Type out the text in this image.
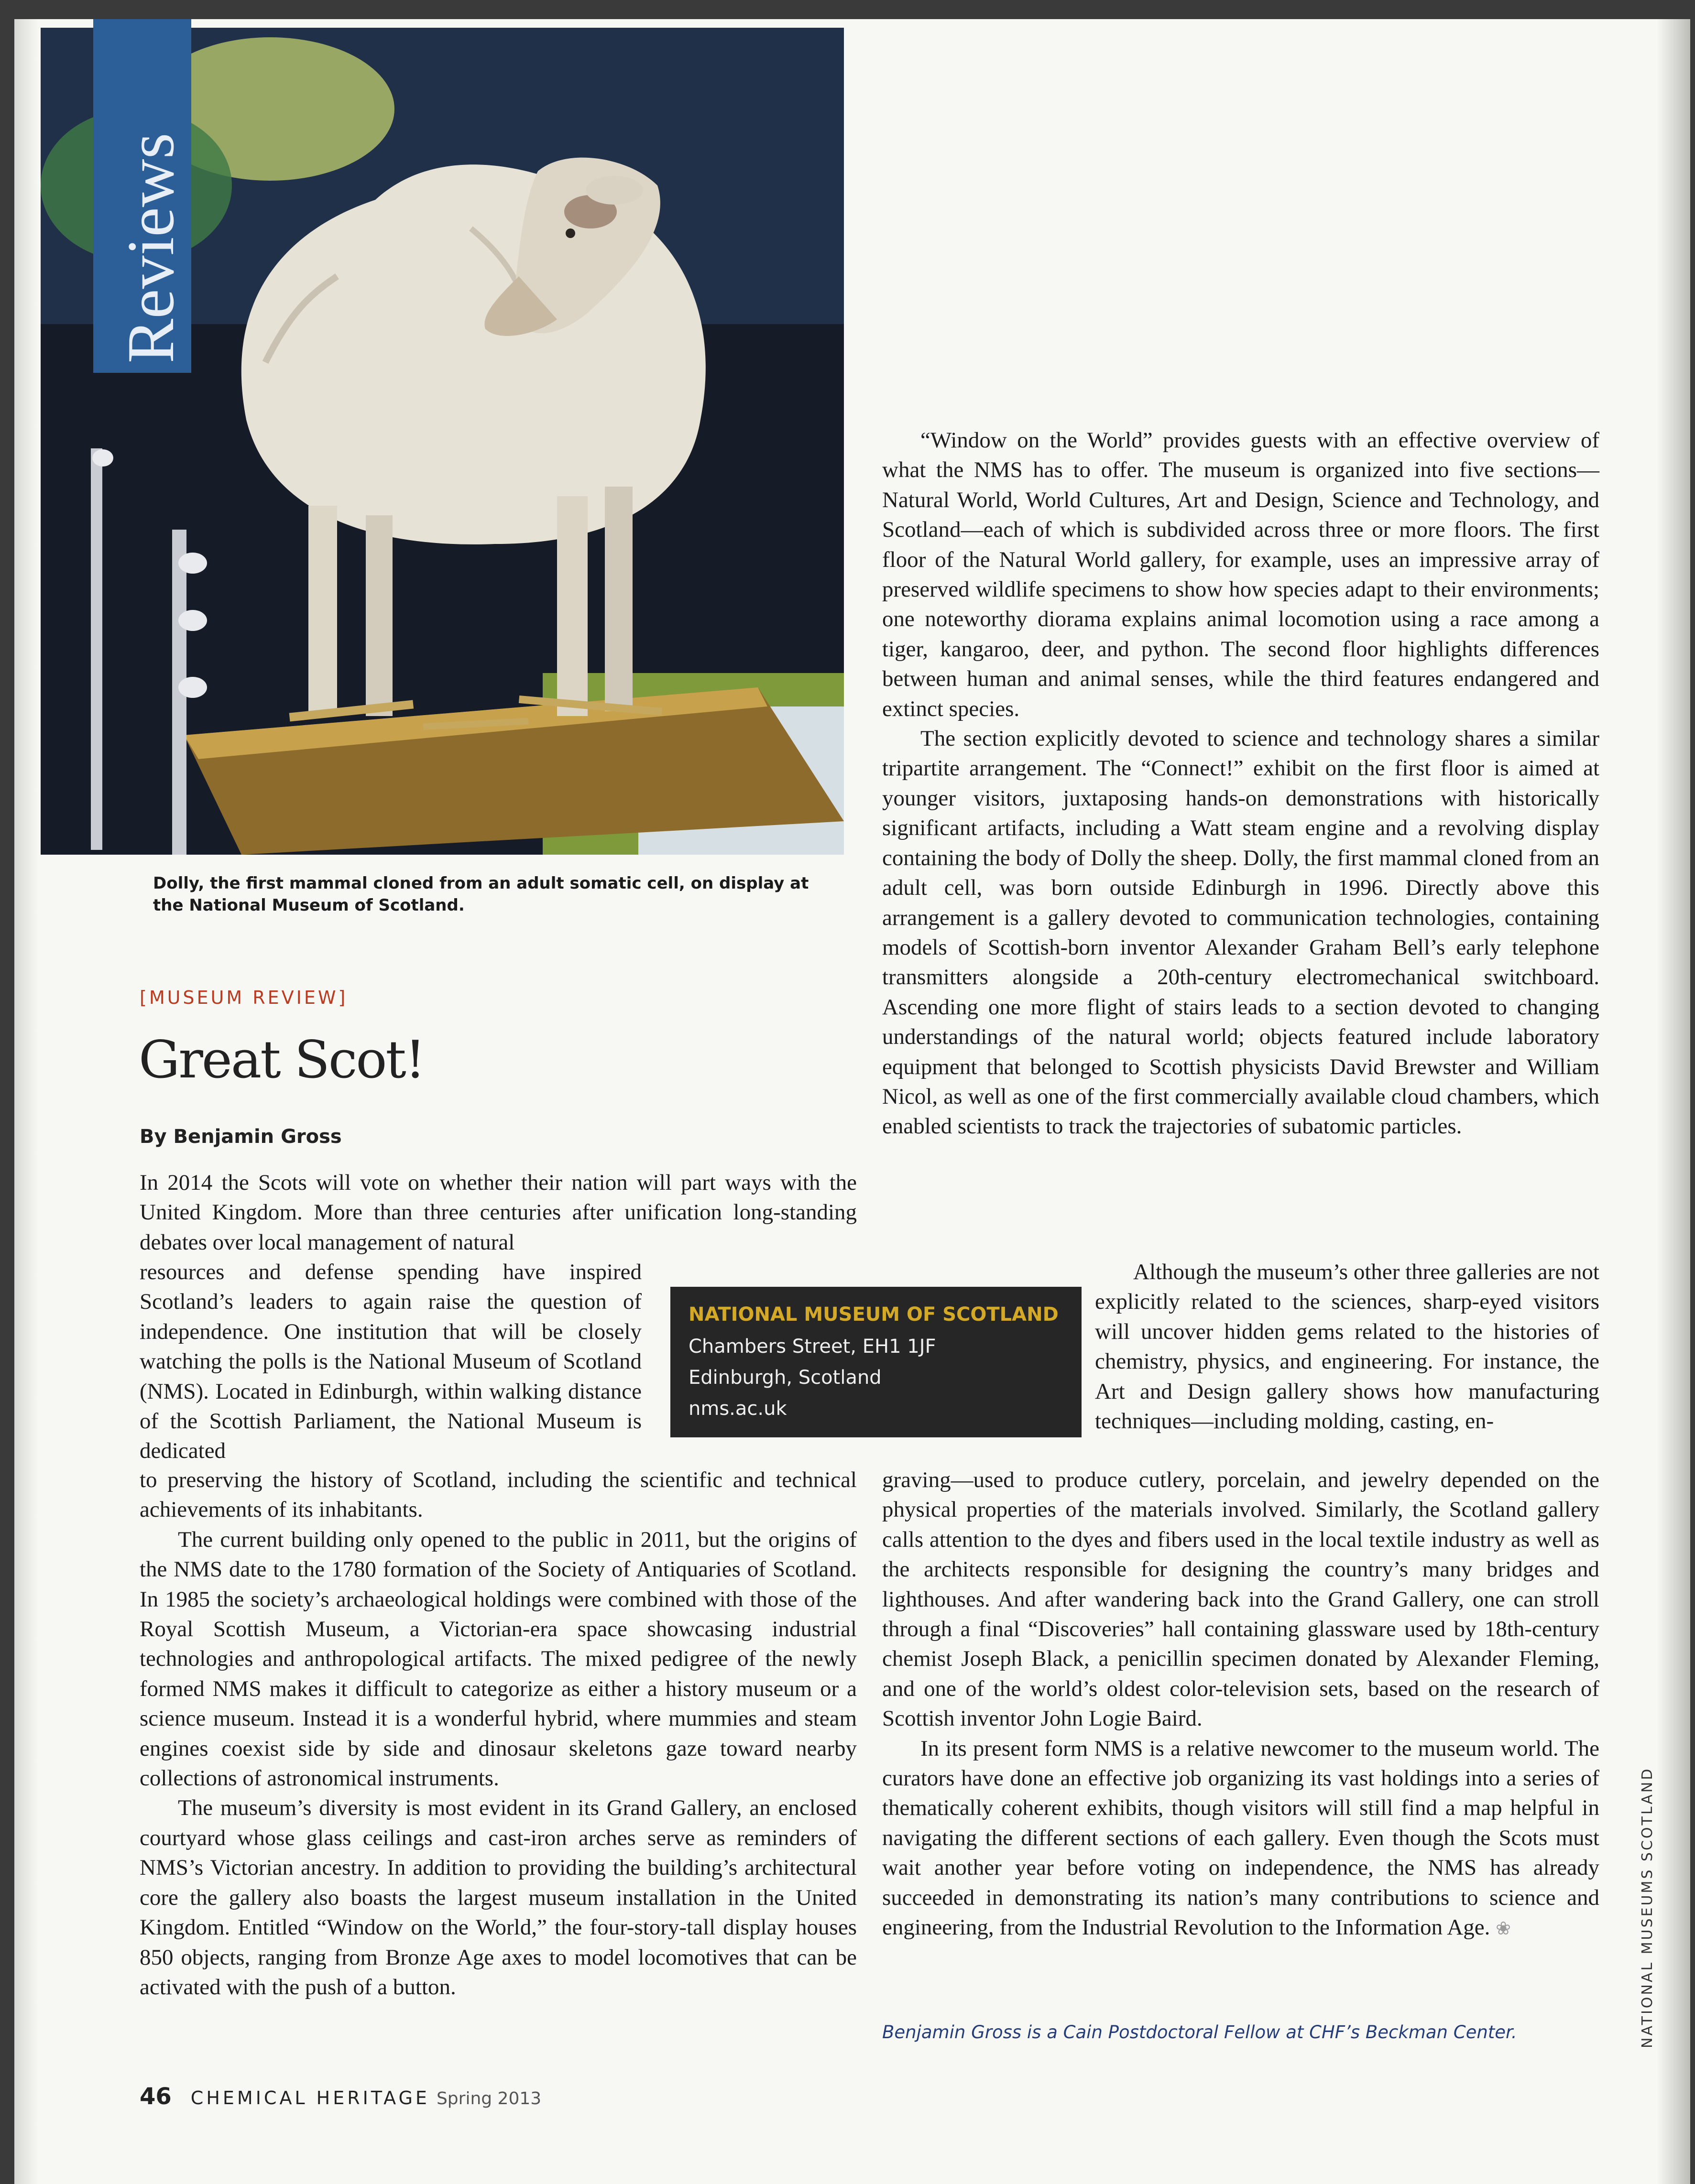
Reviews
Dolly, the first mammal cloned from an adult somatic cell, on display at the National Museum of Scotland.
[MUSEUM REVIEW]
Great Scot!
By Benjamin Gross

In 2014 the Scots will vote on whether their nation will part ways with the United Kingdom. More than three centuries after unification long-standing debates over local management of natural

resources and defense spending have inspired Scotland’s leaders to again raise the question of independence. One institution that will be closely watching the polls is the National Museum of Scotland (NMS). Located in Edinburgh, within walking distance of the Scottish Parliament, the National Museum is dedicated

to preserving the history of Scotland, including the scientific and technical achievements of its inhabitants.

The current building only opened to the public in 2011, but the origins of the NMS date to the 1780 formation of the Society of Antiquaries of Scotland. In 1985 the society’s archaeological holdings were combined with those of the Royal Scottish Museum, a Victorian-era space showcasing industrial technologies and anthropological artifacts. The mixed pedigree of the newly formed NMS makes it difficult to categorize as either a history museum or a science museum. Instead it is a wonderful hybrid, where mummies and steam engines coexist side by side and dinosaur skeletons gaze toward nearby collections of astronomical instruments.

The museum’s diversity is most evident in its Grand Gallery, an enclosed courtyard whose glass ceilings and cast-iron arches serve as reminders of NMS’s Victorian ancestry. In addition to providing the building’s architectural core the gallery also boasts the largest museum installation in the United Kingdom. Entitled “Window on the World,” the four-story-tall display houses 850 objects, ranging from Bronze Age axes to model locomotives that can be activated with the push of a button.

“Window on the World” provides guests with an effective overview of what the NMS has to offer. The museum is organized into five sections—Natural World, World Cultures, Art and Design, Science and Technology, and Scotland—each of which is subdivided across three or more floors. The first floor of the Natural World gallery, for example, uses an impressive array of preserved wildlife specimens to show how species adapt to their environments; one noteworthy diorama explains animal locomotion using a race among a tiger, kangaroo, deer, and python. The second floor highlights differences between human and animal senses, while the third features endangered and extinct species.

The section explicitly devoted to science and technology shares a similar tripartite arrangement. The “Connect!” exhibit on the first floor is aimed at younger visitors, juxtaposing hands-on demonstrations with historically significant artifacts, including a Watt steam engine and a revolving display containing the body of Dolly the sheep. Dolly, the first mammal cloned from an adult cell, was born outside Edinburgh in 1996. Directly above this arrangement is a gallery devoted to communication technologies, containing models of Scottish-born inventor Alexander Graham Bell’s early telephone transmitters alongside a 20th-century electromechanical switchboard. Ascending one more flight of stairs leads to a section devoted to changing understandings of the natural world; objects featured include laboratory equipment that belonged to Scottish physicists David Brewster and William Nicol, as well as one of the first commercially available cloud chambers, which enabled scientists to track the trajectories of subatomic particles.

Although the museum’s other three galleries are not explicitly related to the sciences, sharp-eyed visitors will uncover hidden gems related to the histories of chemistry, physics, and engineering. For instance, the Art and Design gallery shows how manufacturing techniques—including molding, casting, en-

graving—used to produce cutlery, porcelain, and jewelry depended on the physical properties of the materials involved. Similarly, the Scotland gallery calls attention to the dyes and fibers used in the local textile industry as well as the architects responsible for designing the country’s many bridges and lighthouses. And after wandering back into the Grand Gallery, one can stroll through a final “Discoveries” hall containing glassware used by 18th-century chemist Joseph Black, a penicillin specimen donated by Alexander Fleming, and one of the world’s oldest color-television sets, based on the research of Scottish inventor John Logie Baird.

In its present form NMS is a relative newcomer to the museum world. The curators have done an effective job organizing its vast holdings into a series of thematically coherent exhibits, though visitors will still find a map helpful in navigating the different sections of each gallery. Even though the Scots must wait another year before voting on independence, the NMS has already succeeded in demonstrating its nation’s many contributions to science and engineering, from the Industrial Revolution to the Information Age. ❀

NATIONAL MUSEUM OF SCOTLAND
Chambers Street, EH1 1JF
Edinburgh, Scotland
nms.ac.uk
Benjamin Gross is a Cain Postdoctoral Fellow at CHF’s Beckman Center.
46 CHEMICAL HERITAGE Spring 2013
NATIONAL MUSEUMS SCOTLAND
